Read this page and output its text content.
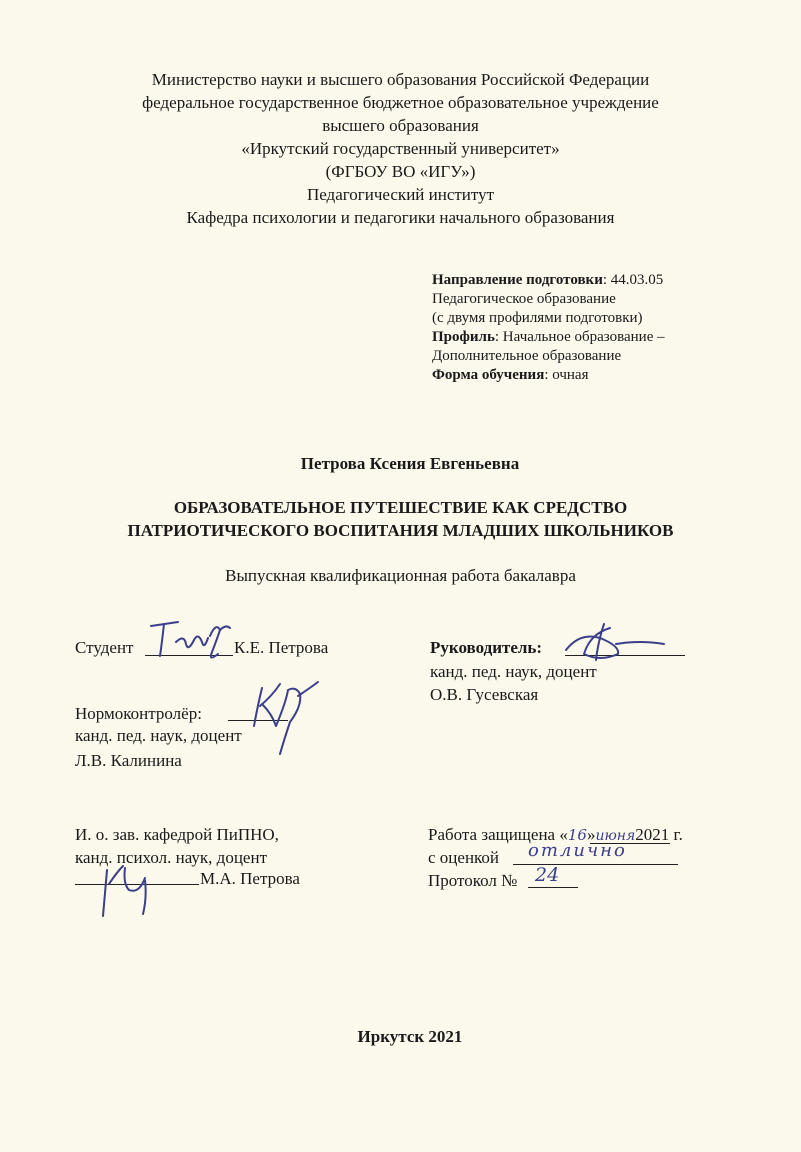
Министерство науки и высшего образования Российской Федерации
федеральное государственное бюджетное образовательное учреждение
высшего образования
«Иркутский государственный университет»
(ФГБОУ ВО «ИГУ»)
Педагогический институт
Кафедра психологии и педагогики начального образования
Направление подготовки: 44.03.05
Педагогическое образование
(с двумя профилями подготовки)
Профиль: Начальное образование –
Дополнительное образование
Форма обучения: очная
Петрова Ксения Евгеньевна
ОБРАЗОВАТЕЛЬНОЕ ПУТЕШЕСТВИЕ КАК СРЕДСТВО
ПАТРИОТИЧЕСКОГО ВОСПИТАНИЯ МЛАДШИХ ШКОЛЬНИКОВ
Выпускная квалификационная работа бакалавра
Студент	К.Е. Петрова	Руководитель:
канд. пед. наук, доцент
О.В. Гусевская
Нормоконтролёр:
канд. пед. наук, доцент
Л.В. Калинина
И. о. зав. кафедрой ПиПНО,
канд. психол. наук, доцент
М.А. Петрова
Работа защищена «16»июня2021 г.
с оценкой отлично
Протокол № 24
Иркутск 2021
